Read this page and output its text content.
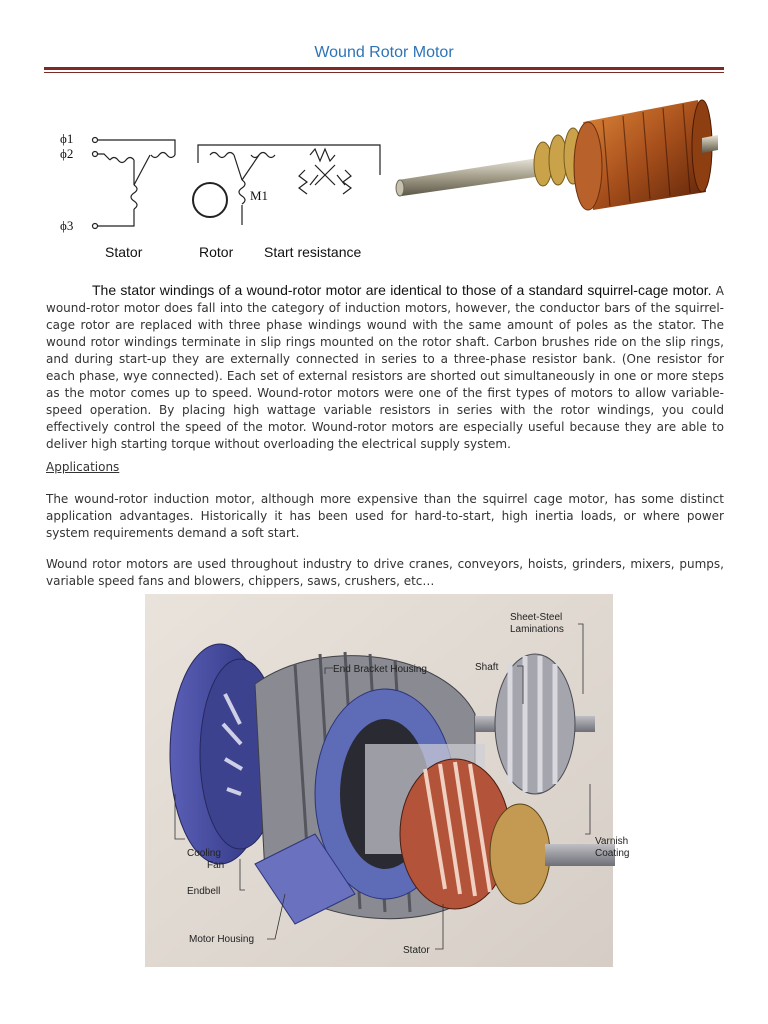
Wound Rotor Motor
ϕ1
ϕ2
ϕ3
M1
Stator	Rotor Start resistance

The stator windings of a wound-rotor motor are identical to those of a standard squirrel-cage motor. A wound-rotor motor does fall into the category of induction motors, however, the conductor bars of the squirrel-cage rotor are replaced with three phase windings wound with the same amount of poles as the stator. The wound rotor windings terminate in slip rings mounted on the rotor shaft. Carbon brushes ride on the slip rings, and during start-up they are externally connected in series to a three-phase resistor bank. (One resistor for each phase, wye connected). Each set of external resistors are shorted out simultaneously in one or more steps as the motor comes up to speed. Wound-rotor motors were one of the first types of motors to allow variable-speed operation. By placing high wattage variable resistors in series with the rotor windings, you could effectively control the speed of the motor. Wound-rotor motors are especially useful because they are able to deliver high starting torque without overloading the electrical supply system.

Applications

The wound-rotor induction motor, although more expensive than the squirrel cage motor, has some distinct application advantages. Historically it has been used for hard-to-start, high inertia loads, or where power system requirements demand a soft start.

Wound rotor motors are used throughout industry to drive cranes, conveyors, hoists, grinders, mixers, pumps, variable speed fans and blowers, chippers, saws, crushers, etc…

Sheet-Steel
Laminations
End Bracket Housing	Shaft
Cooling
Fan
Endbell
Motor Housing
Stator
Varnish
Coating
